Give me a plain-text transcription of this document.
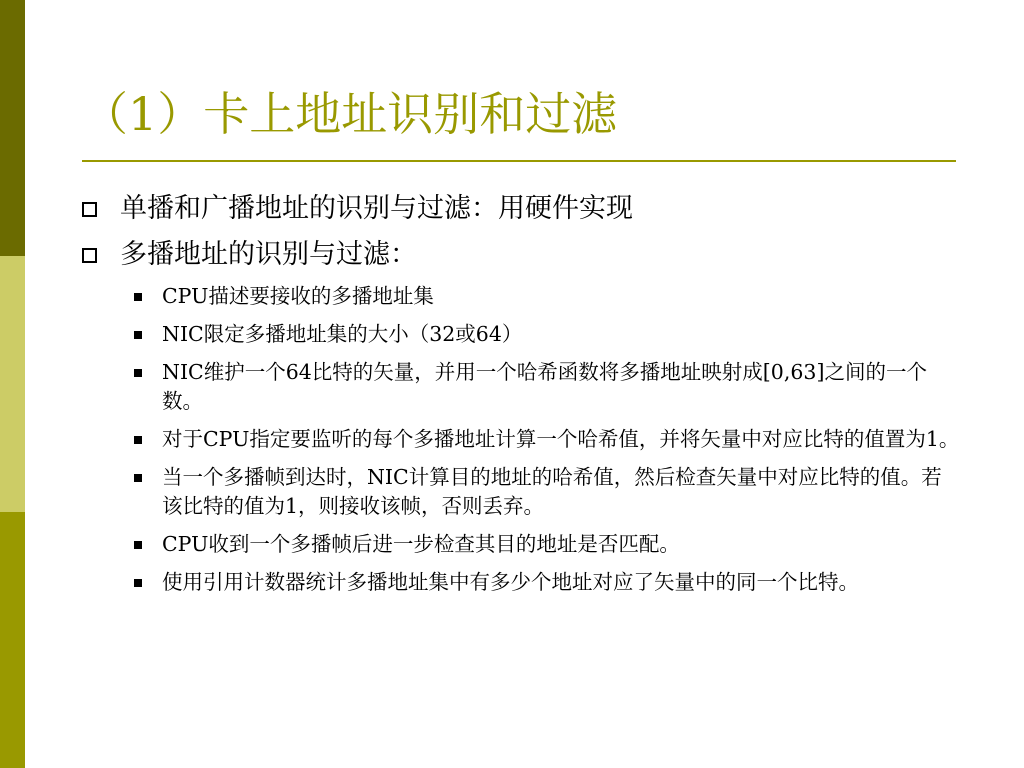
（1）卡上地址识别和过滤
单播和广播地址的识别与过滤：用硬件实现
多播地址的识别与过滤：
CPU描述要接收的多播地址集
NIC限定多播地址集的大小（32或64）
NIC维护一个64比特的矢量，并用一个哈希函数将多播地址映射成[0,63]之间的一个数。
对于CPU指定要监听的每个多播地址计算一个哈希值，并将矢量中对应比特的值置为1。
当一个多播帧到达时，NIC计算目的地址的哈希值，然后检查矢量中对应比特的值。若该比特的值为1，则接收该帧，否则丢弃。
CPU收到一个多播帧后进一步检查其目的地址是否匹配。
使用引用计数器统计多播地址集中有多少个地址对应了矢量中的同一个比特。
